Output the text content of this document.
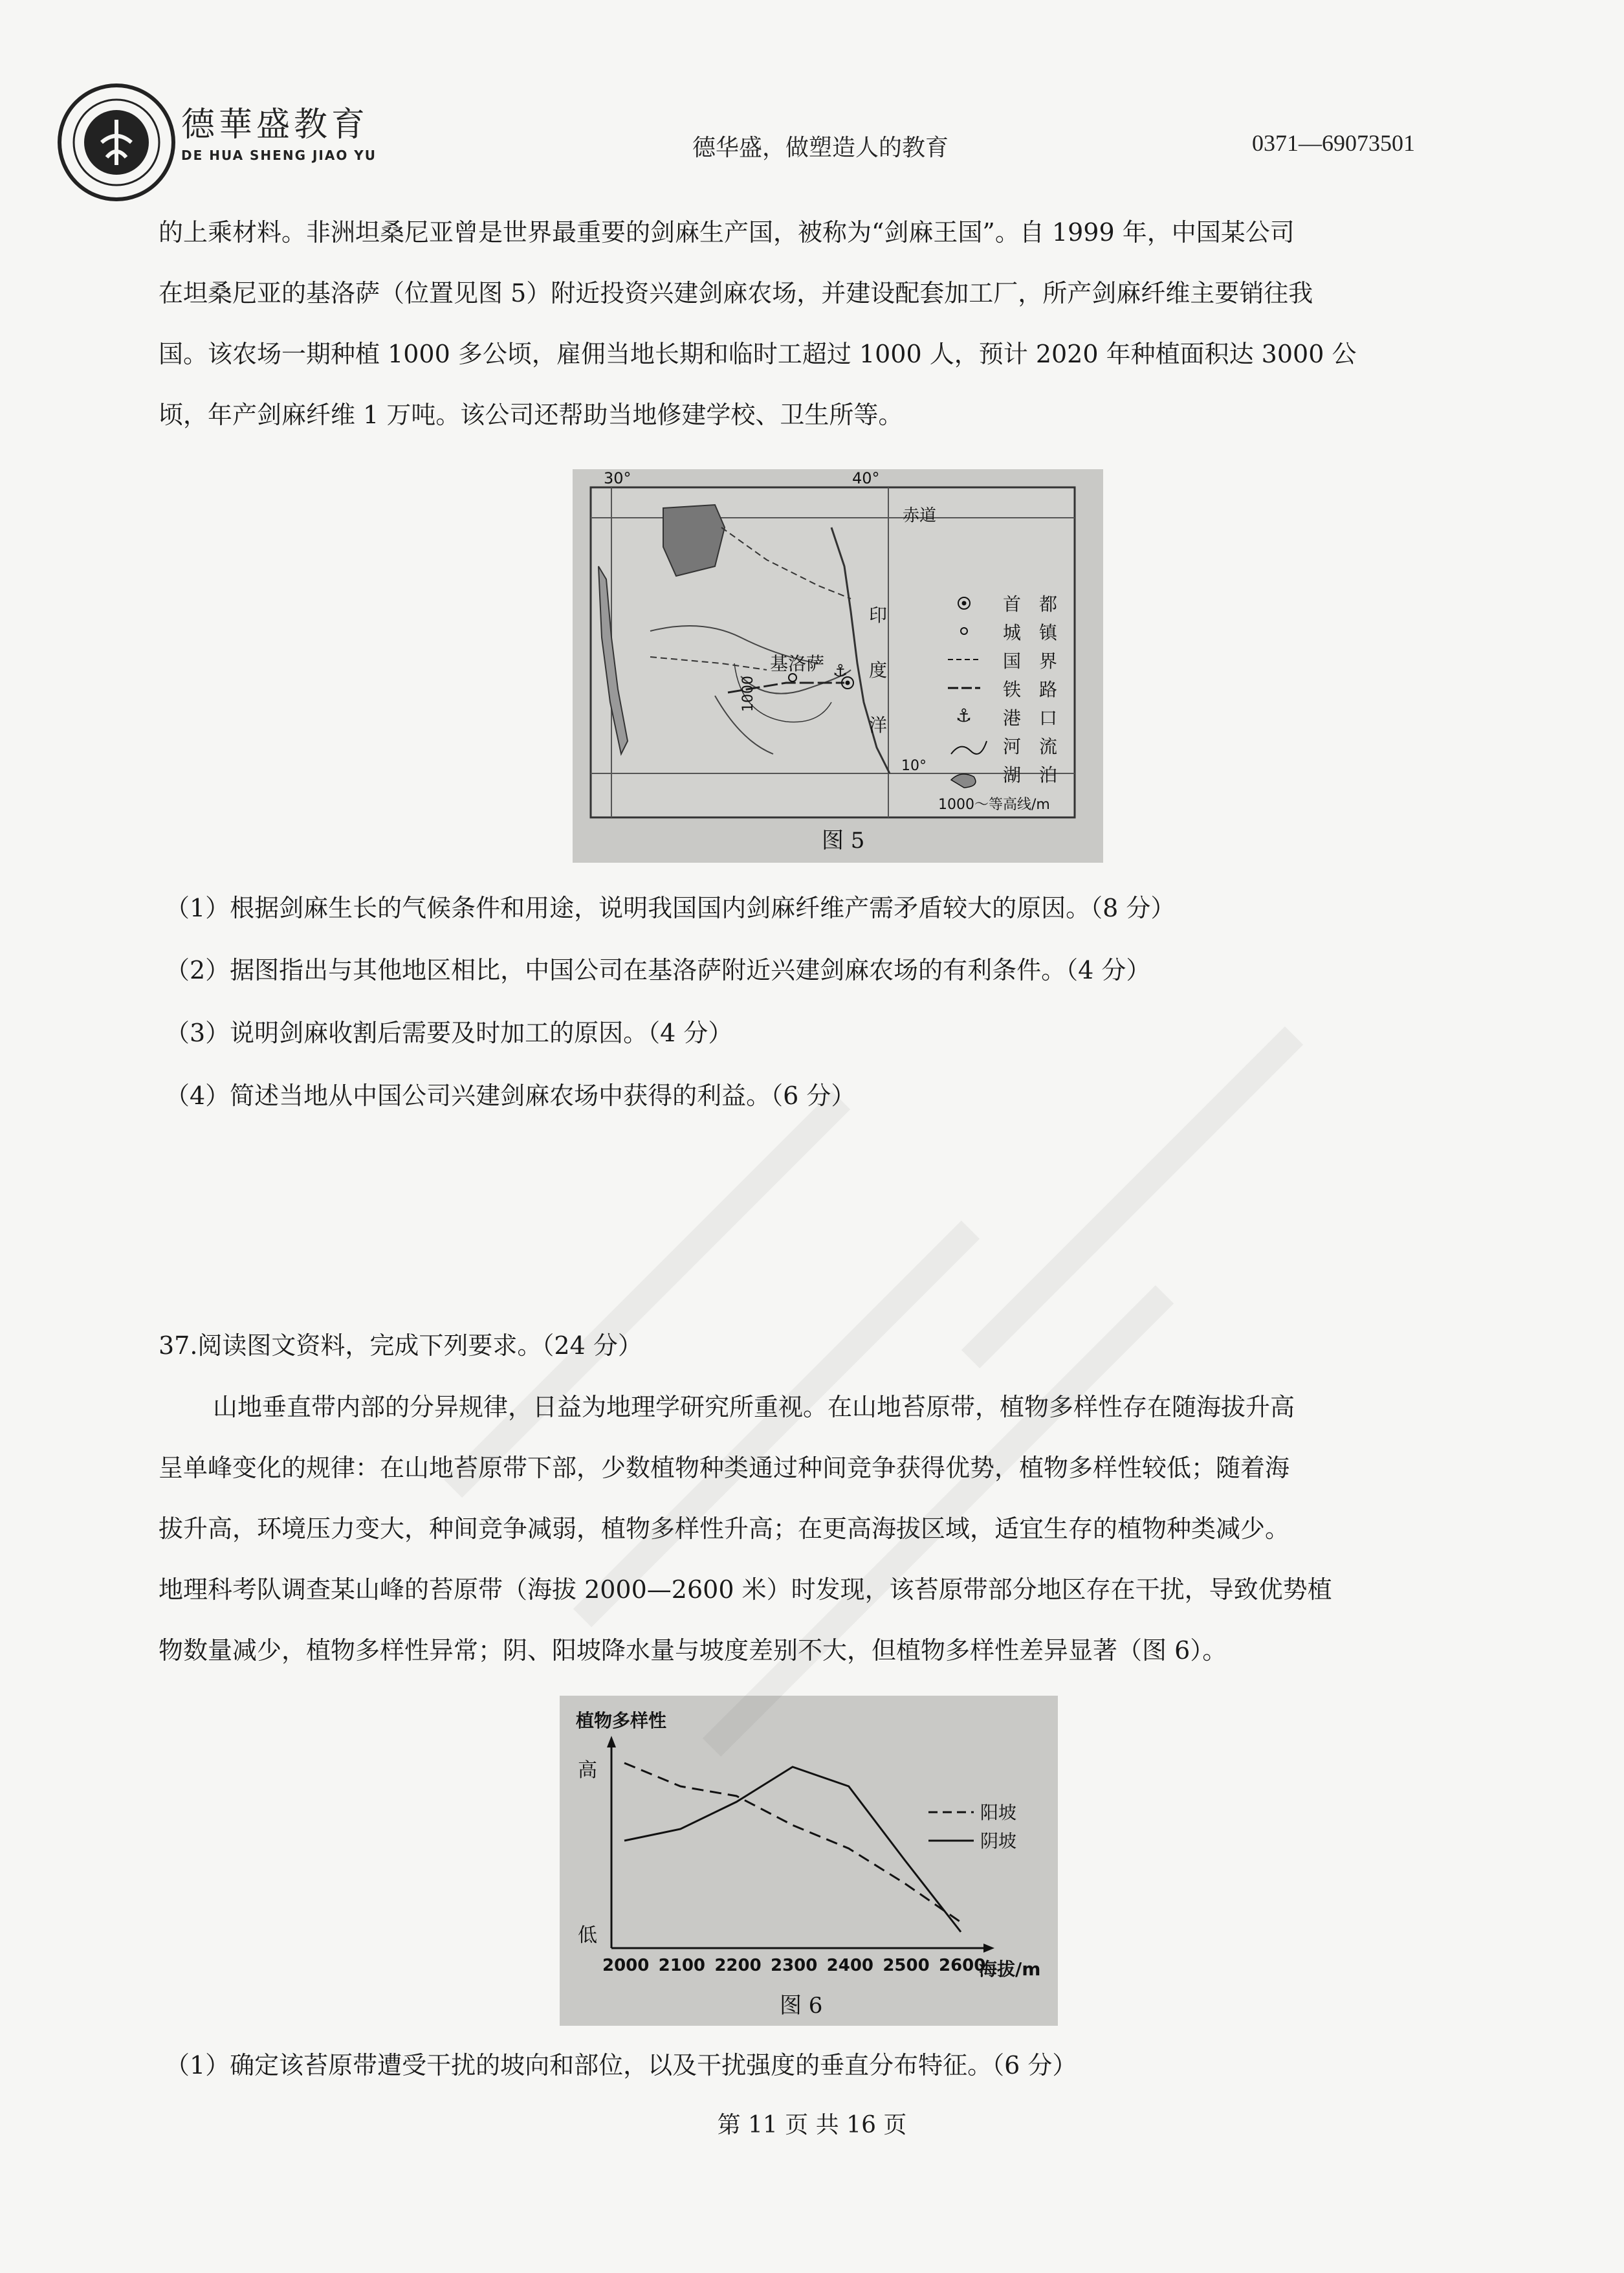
德華盛教育
DE HUA SHENG JIAO YU	德华盛，做塑造人的教育	0371—69073501

的上乘材料。非洲坦桑尼亚曾是世界最重要的剑麻生产国，被称为“剑麻王国”。自 1999 年，中国某公司

在坦桑尼亚的基洛萨（位置见图 5）附近投资兴建剑麻农场，并建设配套加工厂，所产剑麻纤维主要销往我

国。该农场一期种植 1000 多公顷，雇佣当地长期和临时工超过 1000 人，预计 2020 年种植面积达 3000 公

顷，年产剑麻纤维 1 万吨。该公司还帮助当地修建学校、卫生所等。

基洛萨 ⚓
1000
30°	40°
赤道
10°
印
度
洋	⚓
首　都
城　镇
国　界
铁　路
港　口
河　流
湖　泊
1000～等高线/m
图 5
（1）根据剑麻生长的气候条件和用途，说明我国国内剑麻纤维产需矛盾较大的原因。（8 分）
（2）据图指出与其他地区相比，中国公司在基洛萨附近兴建剑麻农场的有利条件。（4 分）
（3）说明剑麻收割后需要及时加工的原因。（4 分）
（4）简述当地从中国公司兴建剑麻农场中获得的利益。（6 分）
37.阅读图文资料，完成下列要求。（24 分）

山地垂直带内部的分异规律，日益为地理学研究所重视。在山地苔原带，植物多样性存在随海拔升高

呈单峰变化的规律：在山地苔原带下部，少数植物种类通过种间竞争获得优势，植物多样性较低；随着海

拔升高，环境压力变大，种间竞争减弱，植物多样性升高；在更高海拔区域，适宜生存的植物种类减少。

地理科考队调查某山峰的苔原带（海拔 2000—2600 米）时发现，该苔原带部分地区存在干扰，导致优势植

物数量减少，植物多样性异常；阴、阳坡降水量与坡度差别不大，但植物多样性差异显著（图 6）。

植物多样性
高
低
海拔/m
2000 2100 2200 2300 2400 2500 2600
阳坡
阴坡
图 6
（1）确定该苔原带遭受干扰的坡向和部位，以及干扰强度的垂直分布特征。（6 分）
第 11 页 共 16 页
